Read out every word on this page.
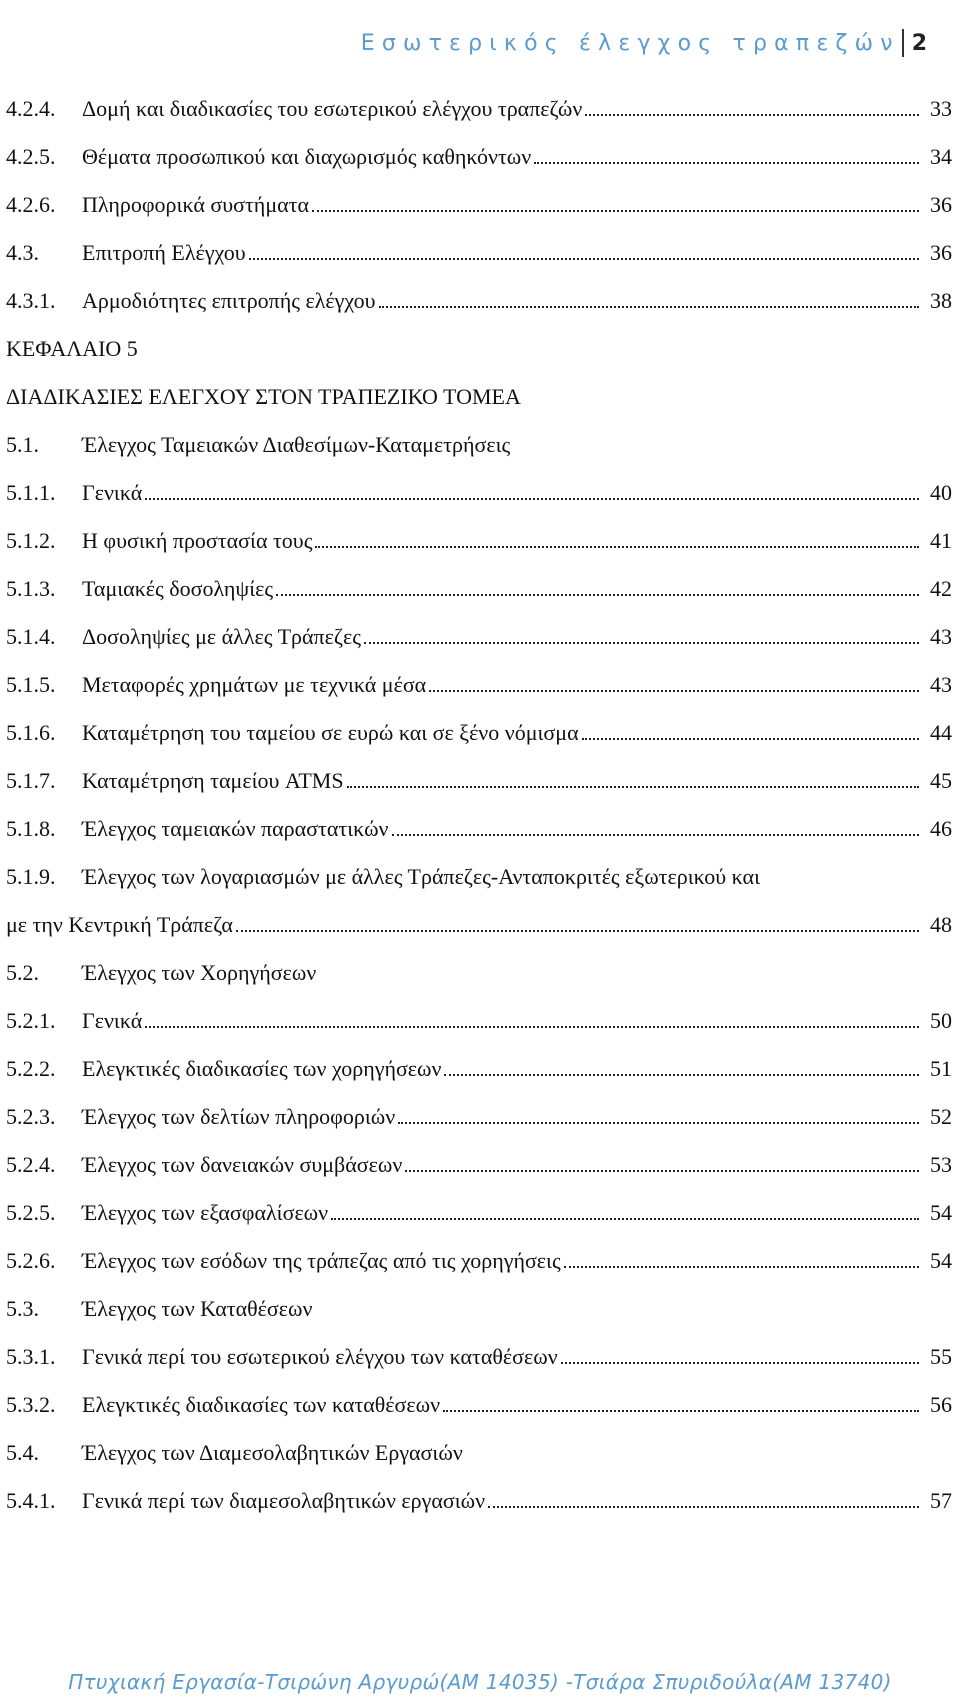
Εσωτερικός έλεγχος τραπεζών 2
4.2.4.	Δομή και διαδικασίες του εσωτερικού ελέγχου τραπεζών	33
4.2.5.	Θέματα προσωπικού και διαχωρισμός καθηκόντων	34
4.2.6.	Πληροφορικά συστήματα	36
4.3.	Επιτροπή Ελέγχου	36
4.3.1.	Αρμοδιότητες επιτροπής ελέγχου	38
ΚΕΦΑΛΑΙΟ 5
ΔΙΑΔΙΚΑΣΙΕΣ ΕΛΕΓΧΟΥ ΣΤΟΝ ΤΡΑΠΕΖΙΚΟ ΤΟΜΕΑ
5.1.	Έλεγχος Ταμειακών Διαθεσίμων-Καταμετρήσεις
5.1.1.	Γενικά	40
5.1.2.	Η φυσική προστασία τους	41
5.1.3.	Ταμιακές δοσοληψίες	42
5.1.4.	Δοσοληψίες με άλλες Τράπεζες	43
5.1.5.	Μεταφορές χρημάτων με τεχνικά μέσα	43
5.1.6.	Καταμέτρηση του ταμείου σε ευρώ και σε ξένο νόμισμα	44
5.1.7.	Καταμέτρηση ταμείου ATMS	45
5.1.8.	Έλεγχος ταμειακών παραστατικών	46
5.1.9.	Έλεγχος των λογαριασμών με άλλες Τράπεζες-Ανταποκριτές εξωτερικού και
με την Κεντρική Τράπεζα	48
5.2.	Έλεγχος των Χορηγήσεων
5.2.1.	Γενικά	50
5.2.2.	Ελεγκτικές διαδικασίες των χορηγήσεων	51
5.2.3.	Έλεγχος των δελτίων πληροφοριών	52
5.2.4.	Έλεγχος των δανειακών συμβάσεων	53
5.2.5.	Έλεγχος των εξασφαλίσεων	54
5.2.6.	Έλεγχος των εσόδων της τράπεζας από τις χορηγήσεις	54
5.3.	Έλεγχος των Καταθέσεων
5.3.1.	Γενικά περί του εσωτερικού ελέγχου των καταθέσεων	55
5.3.2.	Ελεγκτικές διαδικασίες των καταθέσεων	56
5.4.	Έλεγχος των Διαμεσολαβητικών Εργασιών
5.4.1.	Γενικά περί των διαμεσολαβητικών εργασιών	57
Πτυχιακή Εργασία-Τσιρώνη Αργυρώ(ΑΜ 14035) -Τσιάρα Σπυριδούλα(ΑΜ 13740)
